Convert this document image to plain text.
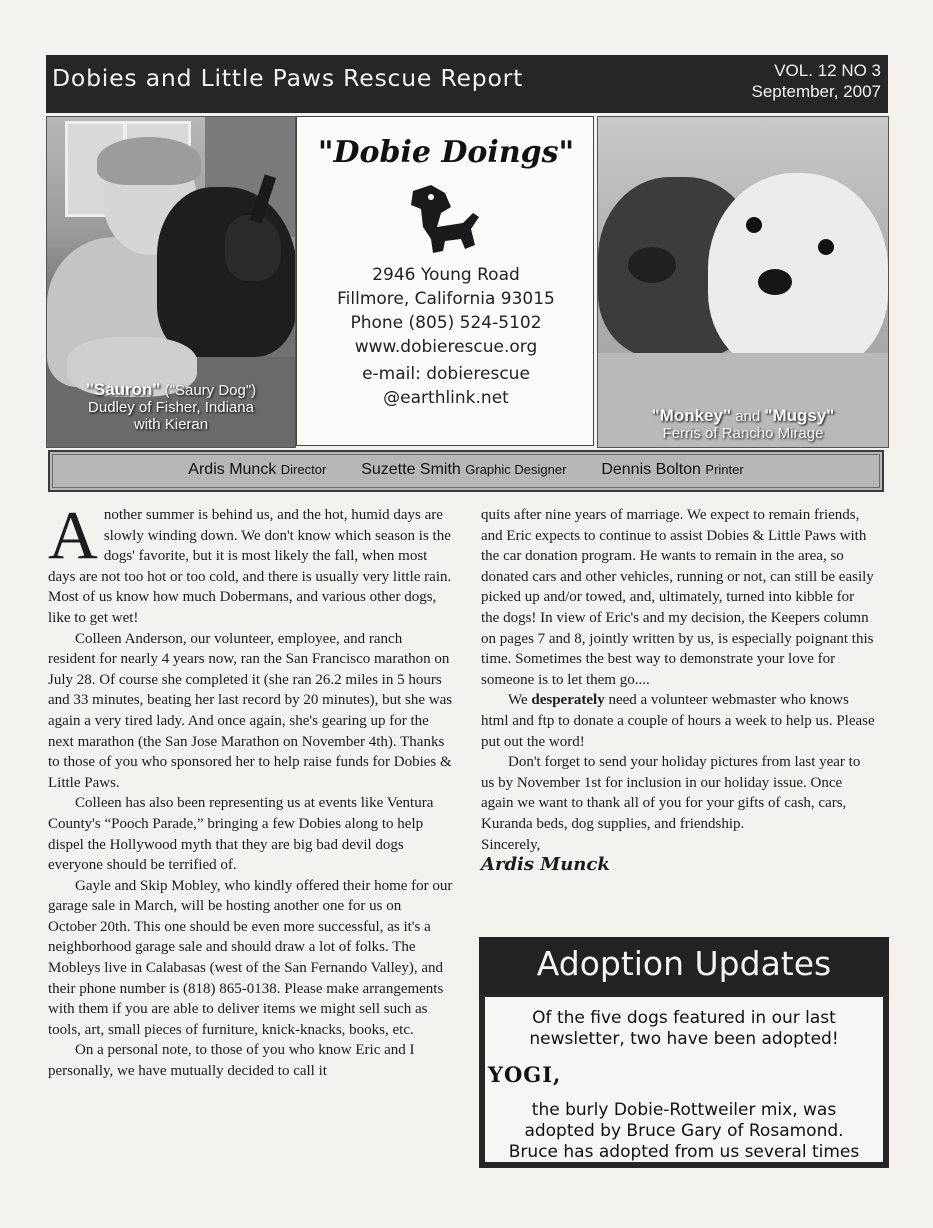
Dobies and Little Paws Rescue Report	VOL. 12 NO 3
September, 2007
"Sauron" ("Saury Dog")
Dudley of Fisher, Indiana
with Kieran
"Dobie Doings"
2946 Young Road
Fillmore, California 93015
Phone (805) 524-5102
www.dobierescue.org
e-mail: dobierescue
@earthlink.net
"Monkey" and "Mugsy"
Ferris of Rancho Mirage
Ardis Munck Director Suzette Smith Graphic Designer Dennis Bolton Printer

Another summer is behind us, and the hot, humid days are slowly winding down. We don't know which season is the dogs' favorite, but it is most likely the fall, when most days are not too hot or too cold, and there is usually very little rain. Most of us know how much Dobermans, and various other dogs, like to get wet!

Colleen Anderson, our volunteer, employee, and ranch resident for nearly 4 years now, ran the San Francisco marathon on July 28. Of course she completed it (she ran 26.2 miles in 5 hours and 33 minutes, beating her last record by 20 minutes), but she was again a very tired lady. And once again, she's gearing up for the next marathon (the San Jose Marathon on November 4th). Thanks to those of you who sponsored her to help raise funds for Dobies & Little Paws.

Colleen has also been representing us at events like Ventura County's “Pooch Parade,” bringing a few Dobies along to help dispel the Hollywood myth that they are big bad devil dogs everyone should be terrified of.

Gayle and Skip Mobley, who kindly offered their home for our garage sale in March, will be hosting another one for us on October 20th. This one should be even more successful, as it's a neighborhood garage sale and should draw a lot of folks. The Mobleys live in Calabasas (west of the San Fernando Valley), and their phone number is (818) 865-0138. Please make arrangements with them if you are able to deliver items we might sell such as tools, art, small pieces of furniture, knick-knacks, books, etc.

On a personal note, to those of you who know Eric and I personally, we have mutually decided to call it

quits after nine years of marriage. We expect to remain friends, and Eric expects to continue to assist Dobies & Little Paws with the car donation program. He wants to remain in the area, so donated cars and other vehicles, running or not, can still be easily picked up and/or towed, and, ultimately, turned into kibble for the dogs! In view of Eric's and my decision, the Keepers column on pages 7 and 8, jointly written by us, is especially poignant this time. Sometimes the best way to demonstrate your love for someone is to let them go....

We desperately need a volunteer webmaster who knows html and ftp to donate a couple of hours a week to help us. Please put out the word!

Don't forget to send your holiday pictures from last year to us by November 1st for inclusion in our holiday issue. Once again we want to thank all of you for your gifts of cash, cars, Kuranda beds, dog supplies, and friendship.

Sincerely,

Ardis Munck

Adoption Updates
Of the five dogs featured in our last
newsletter, two have been adopted!
YOGI,
the burly Dobie-Rottweiler mix, was
adopted by Bruce Gary of Rosamond.
Bruce has adopted from us several times
